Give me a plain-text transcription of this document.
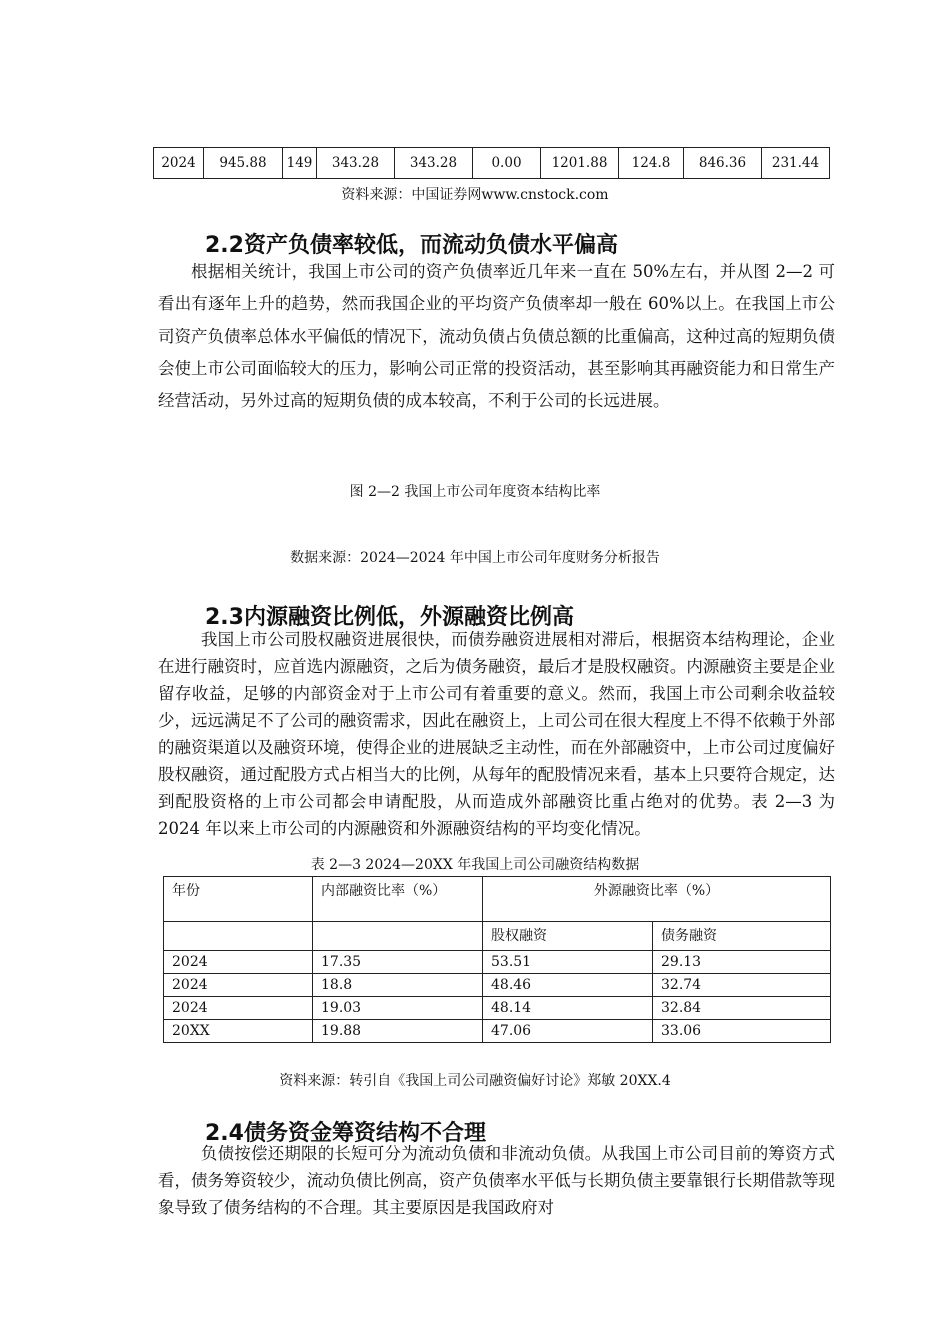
2024	945.88	149	343.28	343.28	0.00	1201.88	124.8	846.36	231.44
资料来源：中国证券网www.cnstock.com
2.2资产负债率较低，而流动负债水平偏高

根据相关统计，我国上市公司的资产负债率近几年来一直在 50%左右，并从图 2—2 可看出有逐年上升的趋势，然而我国企业的平均资产负债率却一般在 60%以上。在我国上市公司资产负债率总体水平偏低的情况下，流动负债占负债总额的比重偏高，这种过高的短期负债会使上市公司面临较大的压力，影响公司正常的投资活动，甚至影响其再融资能力和日常生产经营活动，另外过高的短期负债的成本较高，不利于公司的长远进展。

图 2—2 我国上市公司年度资本结构比率
数据来源：2024—2024 年中国上市公司年度财务分析报告
2.3内源融资比例低，外源融资比例高

我国上市公司股权融资进展很快，而债券融资进展相对滞后，根据资本结构理论，企业在进行融资时，应首选内源融资，之后为债务融资，最后才是股权融资。内源融资主要是企业留存收益，足够的内部资金对于上市公司有着重要的意义。然而，我国上市公司剩余收益较少，远远满足不了公司的融资需求，因此在融资上，上司公司在很大程度上不得不依赖于外部的融资渠道以及融资环境，使得企业的进展缺乏主动性，而在外部融资中，上市公司过度偏好股权融资，通过配股方式占相当大的比例，从每年的配股情况来看，基本上只要符合规定，达到配股资格的上市公司都会申请配股，从而造成外部融资比重占绝对的优势。表 2—3 为 2024 年以来上市公司的内源融资和外源融资结构的平均变化情况。

表 2—3 2024—20XX 年我国上司公司融资结构数据
年份	内部融资比率（%）	外源融资比率（%）	
		股权融资	债务融资
2024	17.35	53.51	29.13
2024	18.8	48.46	32.74
2024	19.03	48.14	32.84
20XX	19.88	47.06	33.06
资料来源：转引自《我国上司公司融资偏好讨论》郑敏 20XX.4
2.4债务资金筹资结构不合理

负债按偿还期限的长短可分为流动负债和非流动负债。从我国上市公司目前的筹资方式看，债务筹资较少，流动负债比例高，资产负债率水平低与长期负债主要靠银行长期借款等现象导致了债务结构的不合理。其主要原因是我国政府对
